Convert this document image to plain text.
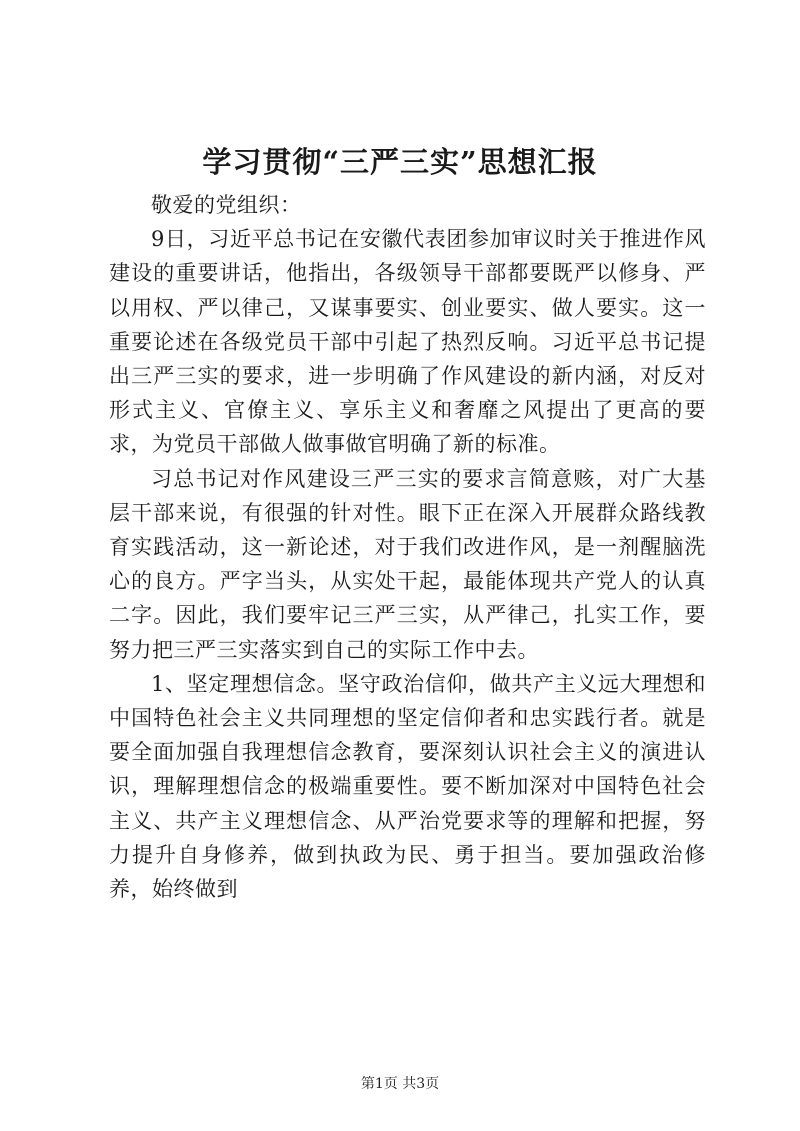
学习贯彻“三严三实”思想汇报

敬爱的党组织：

9日，习近平总书记在安徽代表团参加审议时关于推进作风建设的重要讲话，他指出，各级领导干部都要既严以修身、严以用权、严以律己，又谋事要实、创业要实、做人要实。这一重要论述在各级党员干部中引起了热烈反响。习近平总书记提出三严三实的要求，进一步明确了作风建设的新内涵，对反对形式主义、官僚主义、享乐主义和奢靡之风提出了更高的要求，为党员干部做人做事做官明确了新的标准。

习总书记对作风建设三严三实的要求言简意赅，对广大基层干部来说，有很强的针对性。眼下正在深入开展群众路线教育实践活动，这一新论述，对于我们改进作风，是一剂醒脑洗心的良方。严字当头，从实处干起，最能体现共产党人的认真二字。因此，我们要牢记三严三实，从严律己，扎实工作，要努力把三严三实落实到自己的实际工作中去。

1、坚定理想信念。坚守政治信仰，做共产主义远大理想和中国特色社会主义共同理想的坚定信仰者和忠实践行者。就是要全面加强自我理想信念教育，要深刻认识社会主义的演进认识，理解理想信念的极端重要性。要不断加深对中国特色社会主义、共产主义理想信念、从严治党要求等的理解和把握，努力提升自身修养，做到执政为民、勇于担当。要加强政治修养，始终做到

第1页 共3页
